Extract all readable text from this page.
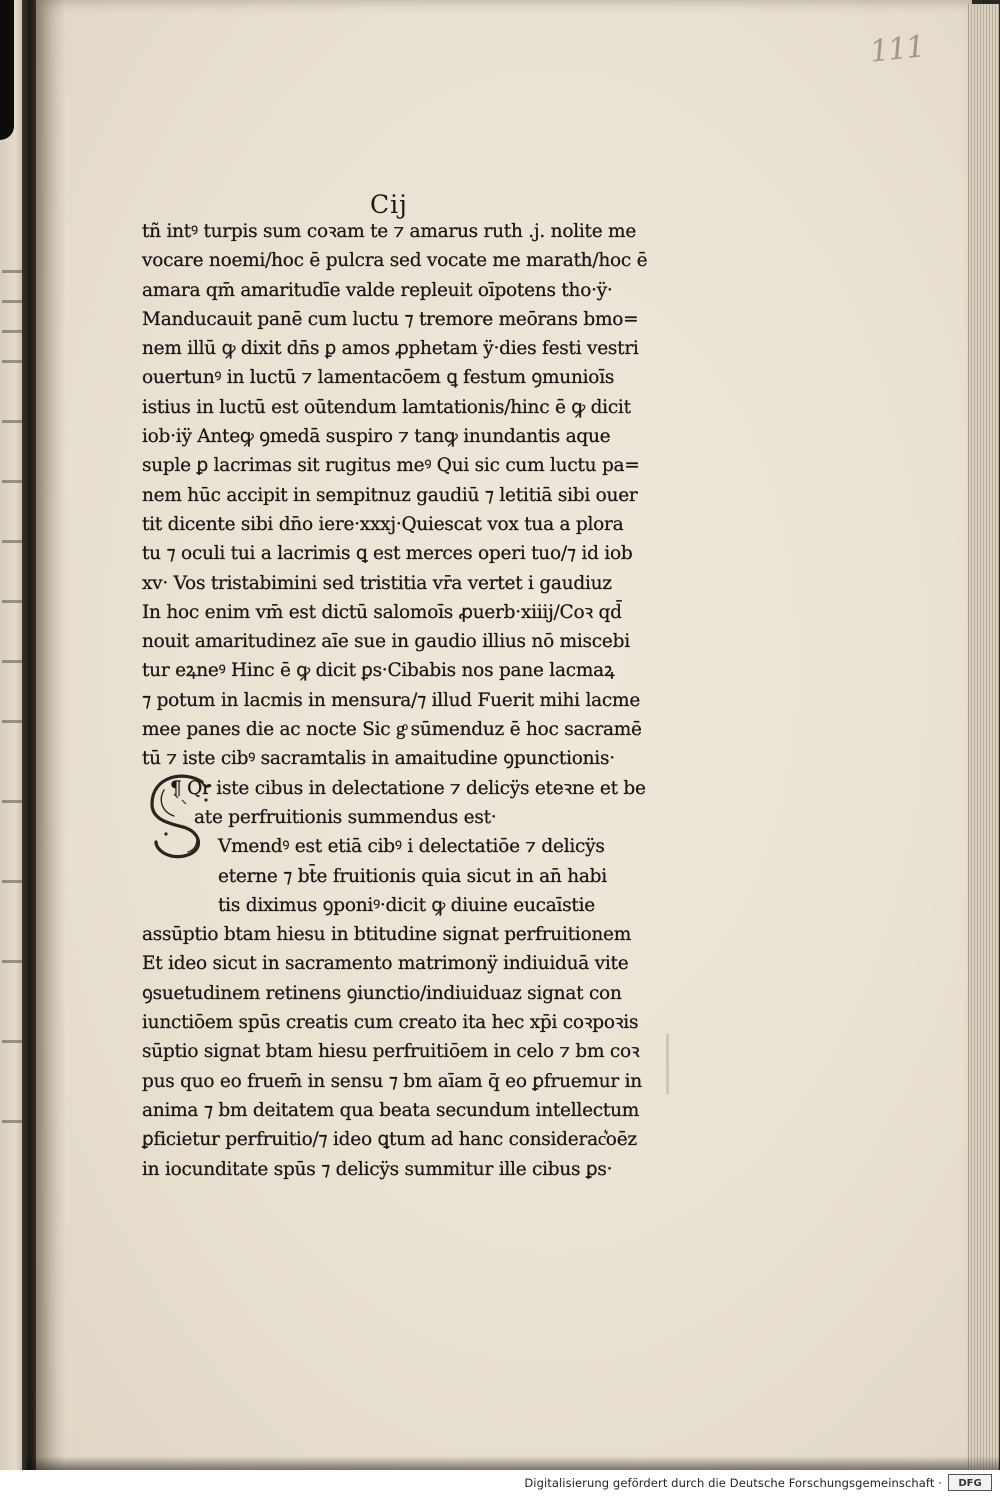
111
Cij
tñ intꝰ turpis sum coꝛam te ⁊ amarus ruth .j. nolite me
vocare noemi/hoc ē pulcra sed vocate me marath/hoc ē
amara qm̄ amaritudīe valde repleuit oīpotens tho·ÿ·
Manducauit panē cum luctu ⁊ tremore meōrans bmo=
nem illū ꝙ dixit dn̄s ꝑ amos ꝓphetam ÿ·dies festi vestri
ouertunꝰ in luctū ⁊ lamentacōem ꝗ festum ꝯmunioīs
istius in luctū est oūtendum lamtationis/hinc ē ꝙ dicit
iob·iÿ Anteꝙ ꝯmedā suspiro ⁊ tanꝙ inundantis aque
suple ꝑ lacrimas sit rugitus meꝰ Qui sic cum luctu pa=
nem hūc accipit in sempitnuz gaudiū ⁊ letitiā sibi ouer
tit dicente sibi dn̄o iere·xxxj·Quiescat vox tua a plora
tu ⁊ oculi tui a lacrimis ꝗ est merces operi tuo/⁊ id iob
xv· Vos tristabimini sed tristitia vr̄a vertet i gaudiuz
In hoc enim vm̄ est dictū salomoīs ꝓuerb·xiiij/Coꝛ qd̄
nouit amaritudinez aīe sue in gaudio illius nō miscebi
tur eꝝneꝰ Hinc ē ꝙ dicit ꝑs·Cibabis nos pane lacmaꝝ
⁊ potum in lacmis in mensura/⁊ illud Fuerit mihi lacme
mee panes die ac nocte Sic gͦ sūmenduz ē hoc sacramē
tū ⁊ iste cibꝰ sacramtalis in amaitudine ꝯpunctionis·
¶ Qr iste cibus in delectatione ⁊ delicÿs eteꝛne et be
ate perfruitionis summendus est·
Vmendꝰ est etiā cibꝰ i delectatiōe ⁊ delicÿs
eterne ⁊ bt̄e fruitionis quia sicut in an̄ habi
tis diximus ꝯponiꝰ·dicit ꝙ diuine eucaīstie
assūptio btam hiesu in btitudine signat perfruitionem
Et ideo sicut in sacramento matrimonÿ indiuiduā vite
ꝯsuetudinem retinens ꝯiunctio/indiuiduaz signat con
iunctiōem spūs creatis cum creato ita hec xp̄i coꝛpoꝛis
sūptio signat btam hiesu perfruitiōem in celo ⁊ bm coꝛ
pus quo eo fruem̄ in sensu ⁊ bm aīam q̄ eo ꝑfruemur in
anima ⁊ bm deitatem qua beata secundum intellectum
ꝑficietur perfruitio/⁊ ideo ꝗtum ad hanc considerac͛oēz
in iocunditate spūs ⁊ delicÿs summitur ille cibus ꝑs·
Digitalisierung gefördert durch die Deutsche Forschungsgemeinschaft ·	DFG
